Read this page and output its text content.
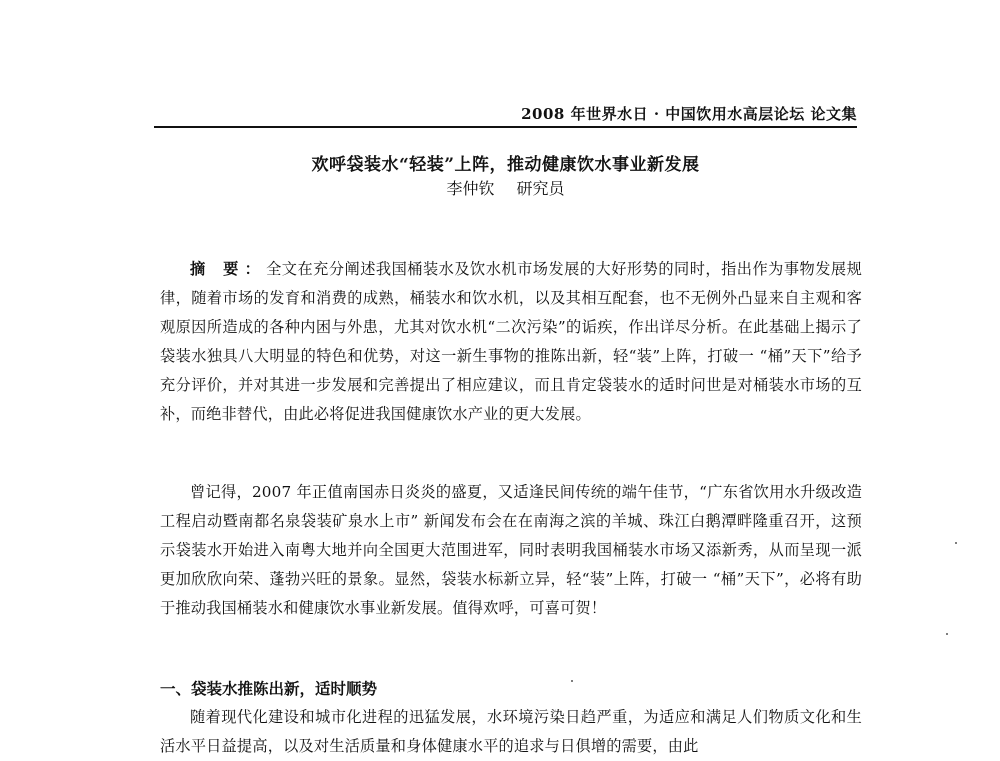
2008 年世界水日 · 中国饮用水高层论坛 论文集
欢呼袋装水“轻装”上阵，推动健康饮水事业新发展
李仲钦 研究员

摘 要：全文在充分阐述我国桶装水及饮水机市场发展的大好形势的同时，指出作为事物发展规律，随着市场的发育和消费的成熟，桶装水和饮水机，以及其相互配套，也不无例外凸显来自主观和客观原因所造成的各种内困与外患，尤其对饮水机“二次污染”的诟疾，作出详尽分析。在此基础上揭示了袋装水独具八大明显的特色和优势，对这一新生事物的推陈出新，轻“装”上阵，打破一 “桶”天下”给予充分评价，并对其进一步发展和完善提出了相应建议，而且肯定袋装水的适时问世是对桶装水市场的互补，而绝非替代，由此必将促进我国健康饮水产业的更大发展。

曾记得，2007 年正值南国赤日炎炎的盛夏，又适逢民间传统的端午佳节，“广东省饮用水升级改造工程启动暨南都名泉袋装矿泉水上市” 新闻发布会在在南海之滨的羊城、珠江白鹅潭畔隆重召开，这预示袋装水开始进入南粤大地并向全国更大范围进军，同时表明我国桶装水市场又添新秀，从而呈现一派更加欣欣向荣、蓬勃兴旺的景象。显然，袋装水标新立异，轻“装”上阵，打破一 “桶”天下”，必将有助于推动我国桶装水和健康饮水事业新发展。值得欢呼，可喜可贺！

一、袋装水推陈出新，适时顺势

随着现代化建设和城市化进程的迅猛发展，水环境污染日趋严重，为适应和满足人们物质文化和生活水平日益提高，以及对生活质量和身体健康水平的追求与日俱增的需要，由此
